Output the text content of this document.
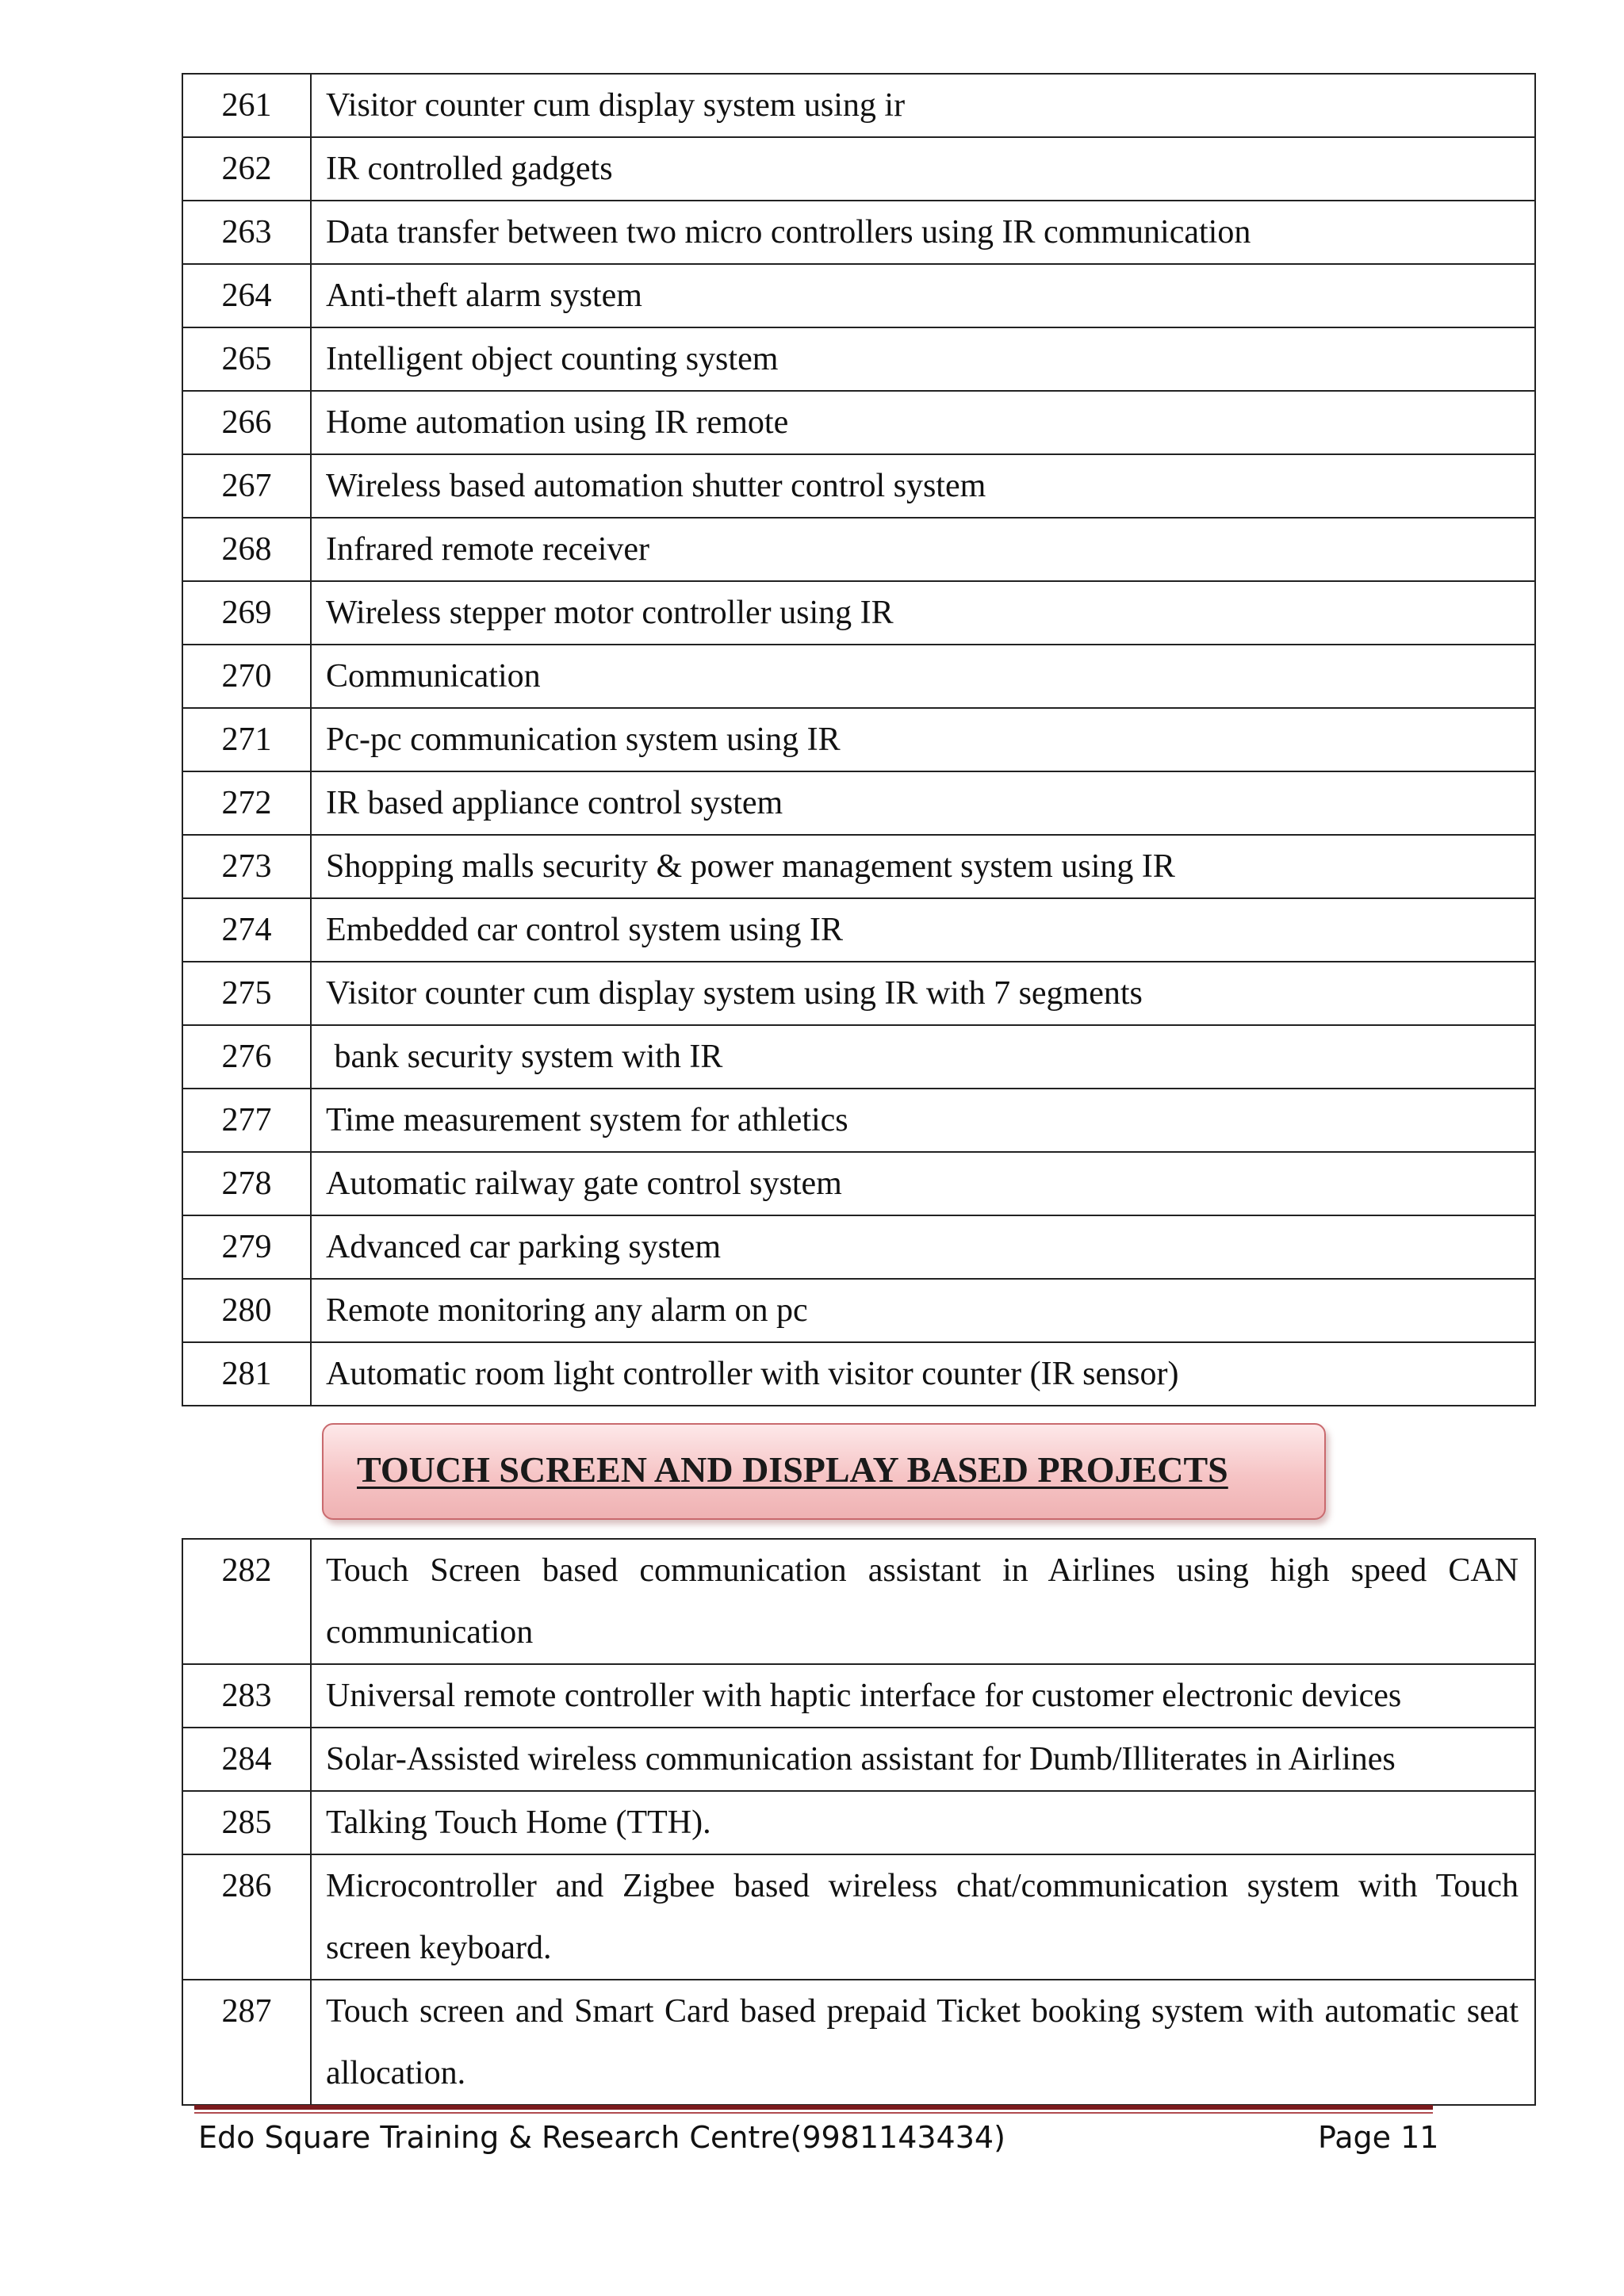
261	Visitor counter cum display system using ir
262	IR controlled gadgets
263	Data transfer between two micro controllers using IR communication
264	Anti-theft alarm system
265	Intelligent object counting system
266	Home automation using IR remote
267	Wireless based automation shutter control system
268	Infrared remote receiver
269	Wireless stepper motor controller using IR
270	Communication
271	Pc-pc communication system using IR
272	IR based appliance control system
273	Shopping malls security & power management system using IR
274	Embedded car control system using IR
275	Visitor counter cum display system using IR with 7 segments
276	bank security system with IR
277	Time measurement system for athletics
278	Automatic railway gate control system
279	Advanced car parking system
280	Remote monitoring any alarm on pc
281	Automatic room light controller with visitor counter (IR sensor)
TOUCH SCREEN AND DISPLAY BASED PROJECTS
282	Touch Screen based communication assistant in Airlines using high speed CAN communication
283	Universal remote controller with haptic interface for customer electronic devices
284	Solar-Assisted wireless communication assistant for Dumb/Illiterates in Airlines
285	Talking Touch Home (TTH).
286	Microcontroller and Zigbee based wireless chat/communication system with Touch screen keyboard.
287	Touch screen and Smart Card based prepaid Ticket booking system with automatic seat allocation.
Edo Square Training & Research Centre(9981143434)	Page 11
